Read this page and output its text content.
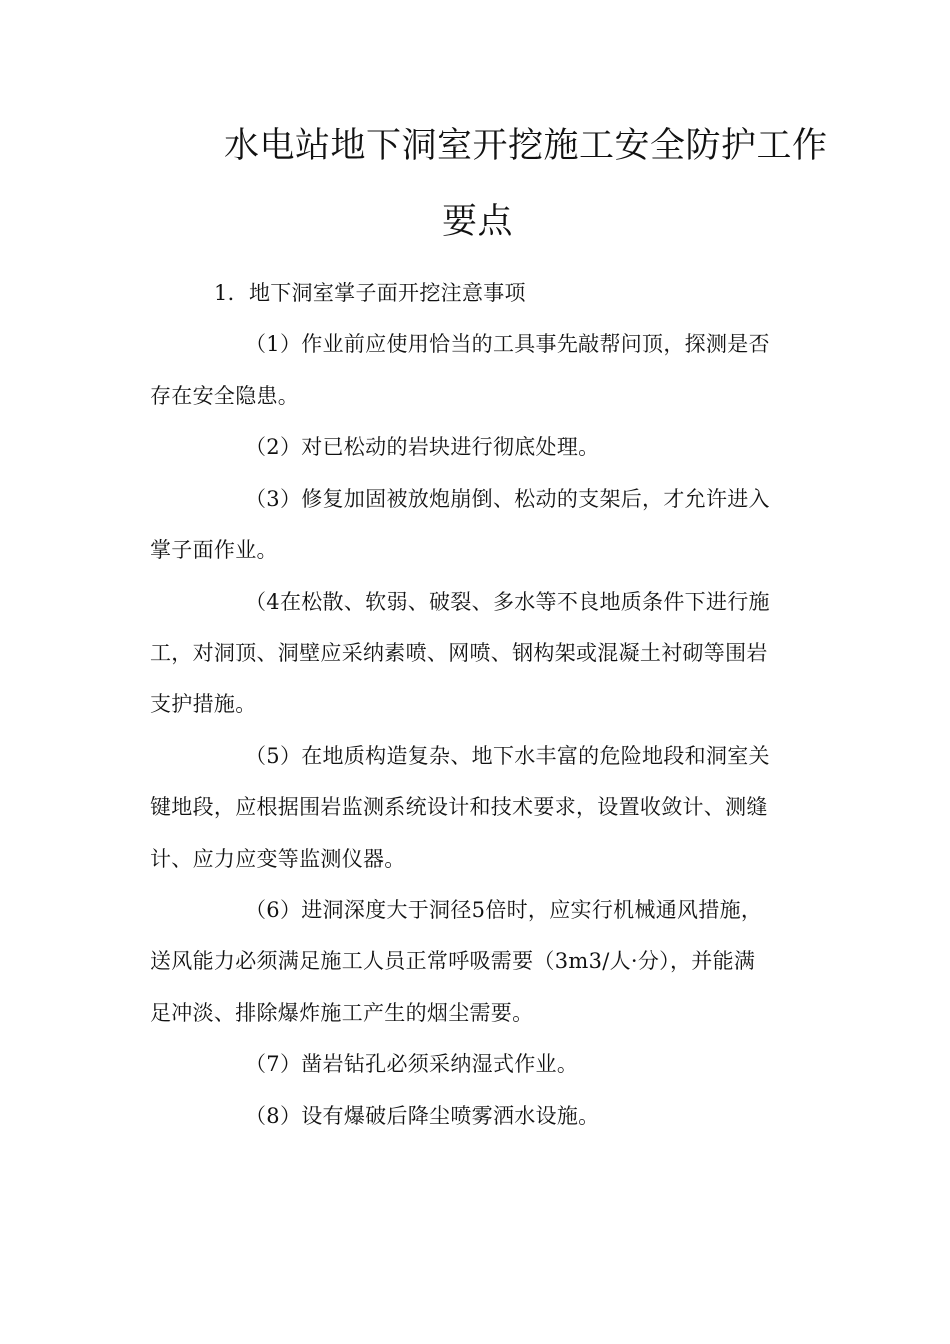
水电站地下洞室开挖施工安全防护工作
要点
1．地下洞室掌子面开挖注意事项
（1）作业前应使用恰当的工具事先敲帮问顶，探测是否
存在安全隐患。
（2）对已松动的岩块进行彻底处理。
（3）修复加固被放炮崩倒、松动的支架后，才允许进入
掌子面作业。
（4在松散、软弱、破裂、多水等不良地质条件下进行施
工，对洞顶、洞壁应采纳素喷、网喷、钢构架或混凝土衬砌等围岩
支护措施。
（5）在地质构造复杂、地下水丰富的危险地段和洞室关
键地段，应根据围岩监测系统设计和技术要求，设置收敛计、测缝
计、应力应变等监测仪器。
（6）进洞深度大于洞径5倍时，应实行机械通风措施，
送风能力必须满足施工人员正常呼吸需要（3m3/人·分），并能满
足冲淡、排除爆炸施工产生的烟尘需要。
（7）凿岩钻孔必须采纳湿式作业。
（8）设有爆破后降尘喷雾洒水设施。
